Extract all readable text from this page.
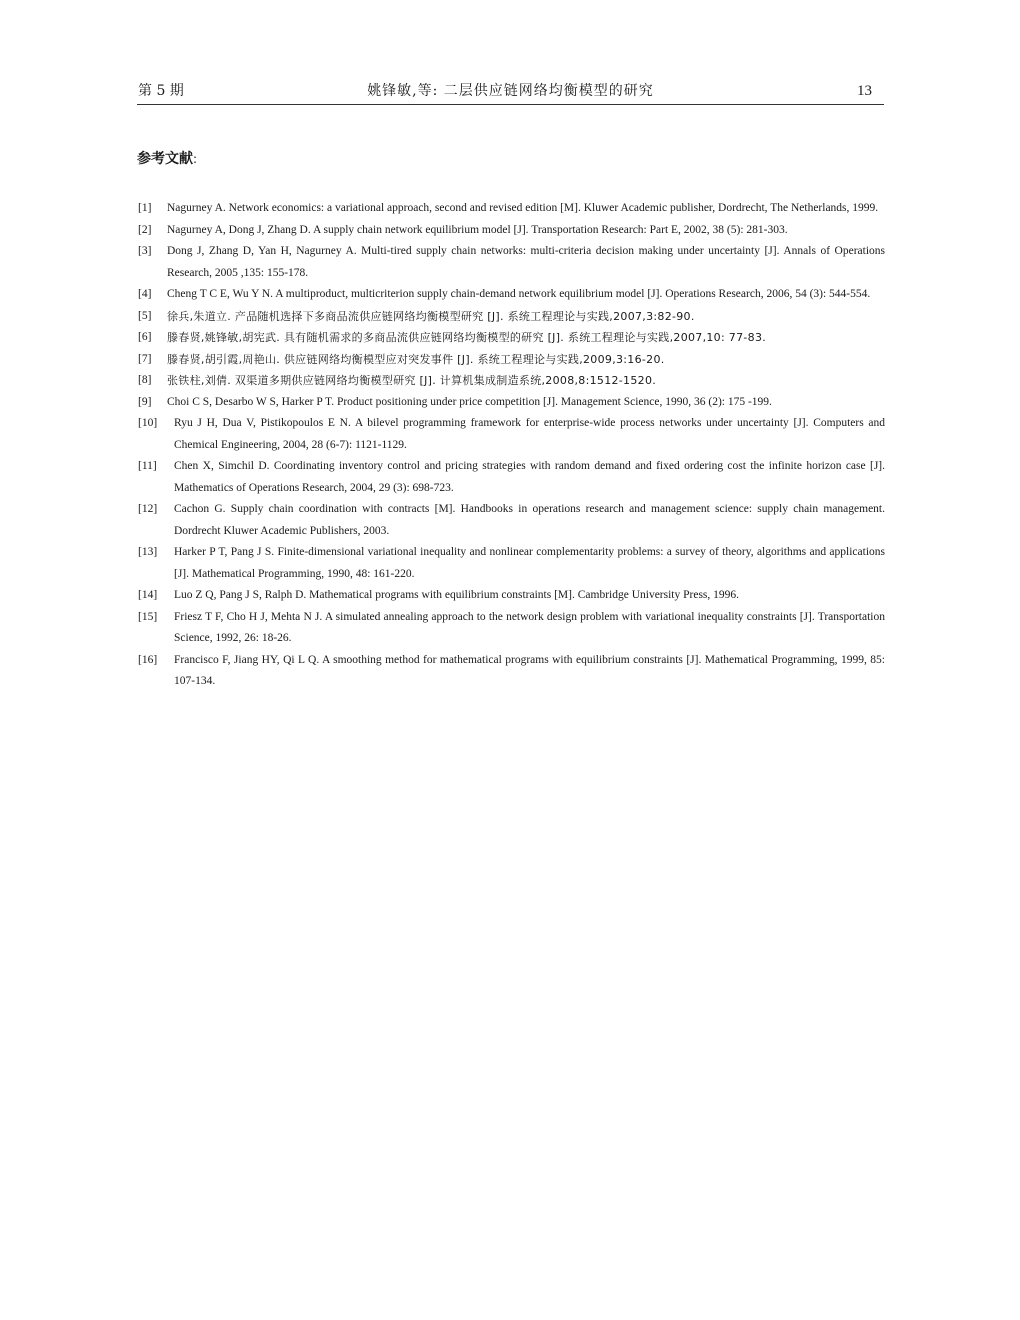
第 5 期	姚锋敏,等: 二层供应链网络均衡模型的研究	13
参考文献:
[1] Nagurney A. Network economics: a variational approach, second and revised edition [M]. Kluwer Academic publisher, Dordrecht, The Netherlands, 1999.
[2] Nagurney A, Dong J, Zhang D. A supply chain network equilibrium model [J]. Transportation Research: Part E, 2002, 38 (5): 281-303.
[3] Dong J, Zhang D, Yan H, Nagurney A. Multi-tired supply chain networks: multi-criteria decision making under uncertainty [J]. Annals of Operations Research, 2005 ,135: 155-178.
[4] Cheng T C E, Wu Y N. A multiproduct, multicriterion supply chain-demand network equilibrium model [J]. Operations Research, 2006, 54 (3): 544-554.
[5] 徐兵,朱道立. 产品随机选择下多商品流供应链网络均衡模型研究 [J]. 系统工程理论与实践,2007,3:82-90.
[6] 滕春贤,姚锋敏,胡宪武. 具有随机需求的多商品流供应链网络均衡模型的研究 [J]. 系统工程理论与实践,2007,10: 77-83.
[7] 滕春贤,胡引霞,周艳山. 供应链网络均衡模型应对突发事件 [J]. 系统工程理论与实践,2009,3:16-20.
[8] 张铁柱,刘倩. 双渠道多期供应链网络均衡模型研究 [J]. 计算机集成制造系统,2008,8:1512-1520.
[9] Choi C S, Desarbo W S, Harker P T. Product positioning under price competition [J]. Management Science, 1990, 36 (2): 175 -199.
[10] Ryu J H, Dua V, Pistikopoulos E N. A bilevel programming framework for enterprise-wide process networks under uncertainty [J]. Computers and Chemical Engineering, 2004, 28 (6-7): 1121-1129.
[11] Chen X, Simchil D. Coordinating inventory control and pricing strategies with random demand and fixed ordering cost the infinite horizon case [J]. Mathematics of Operations Research, 2004, 29 (3): 698-723.
[12] Cachon G. Supply chain coordination with contracts [M]. Handbooks in operations research and management science: supply chain management. Dordrecht Kluwer Academic Publishers, 2003.
[13] Harker P T, Pang J S. Finite-dimensional variational inequality and nonlinear complementarity problems: a survey of theory, algorithms and applications [J]. Mathematical Programming, 1990, 48: 161-220.
[14] Luo Z Q, Pang J S, Ralph D. Mathematical programs with equilibrium constraints [M]. Cambridge University Press, 1996.
[15] Friesz T F, Cho H J, Mehta N J. A simulated annealing approach to the network design problem with variational inequality constraints [J]. Transportation Science, 1992, 26: 18-26.
[16] Francisco F, Jiang HY, Qi L Q. A smoothing method for mathematical programs with equilibrium constraints [J]. Mathematical Programming, 1999, 85: 107-134.
